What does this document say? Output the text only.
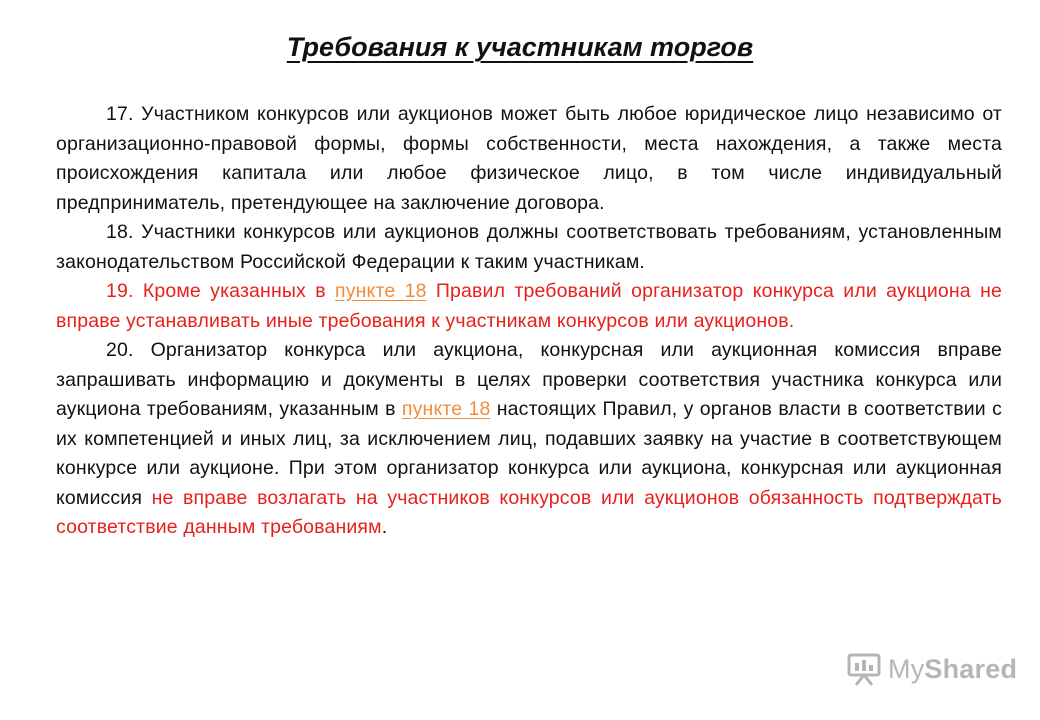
Требования к участникам торгов

17. Участником конкурсов или аукционов может быть любое юридическое лицо независимо от организационно-правовой формы, формы собственности, места нахождения, а также места происхождения капитала или любое физическое лицо, в том числе индивидуальный предприниматель, претендующее на заключение договора.

18. Участники конкурсов или аукционов должны соответствовать требованиям, установленным законодательством Российской Федерации к таким участникам.

19. Кроме указанных в пункте 18 Правил требований организатор конкурса или аукциона не вправе устанавливать иные требования к участникам конкурсов или аукционов.

20. Организатор конкурса или аукциона, конкурсная или аукционная комиссия вправе запрашивать информацию и документы в целях проверки соответствия участника конкурса или аукциона требованиям, указанным в пункте 18 настоящих Правил, у органов власти в соответствии с их компетенцией и иных лиц, за исключением лиц, подавших заявку на участие в соответствующем конкурсе или аукционе. При этом организатор конкурса или аукциона, конкурсная или аукционная комиссия не вправе возлагать на участников конкурсов или аукционов обязанность подтверждать соответствие данным требованиям.

MyShared
